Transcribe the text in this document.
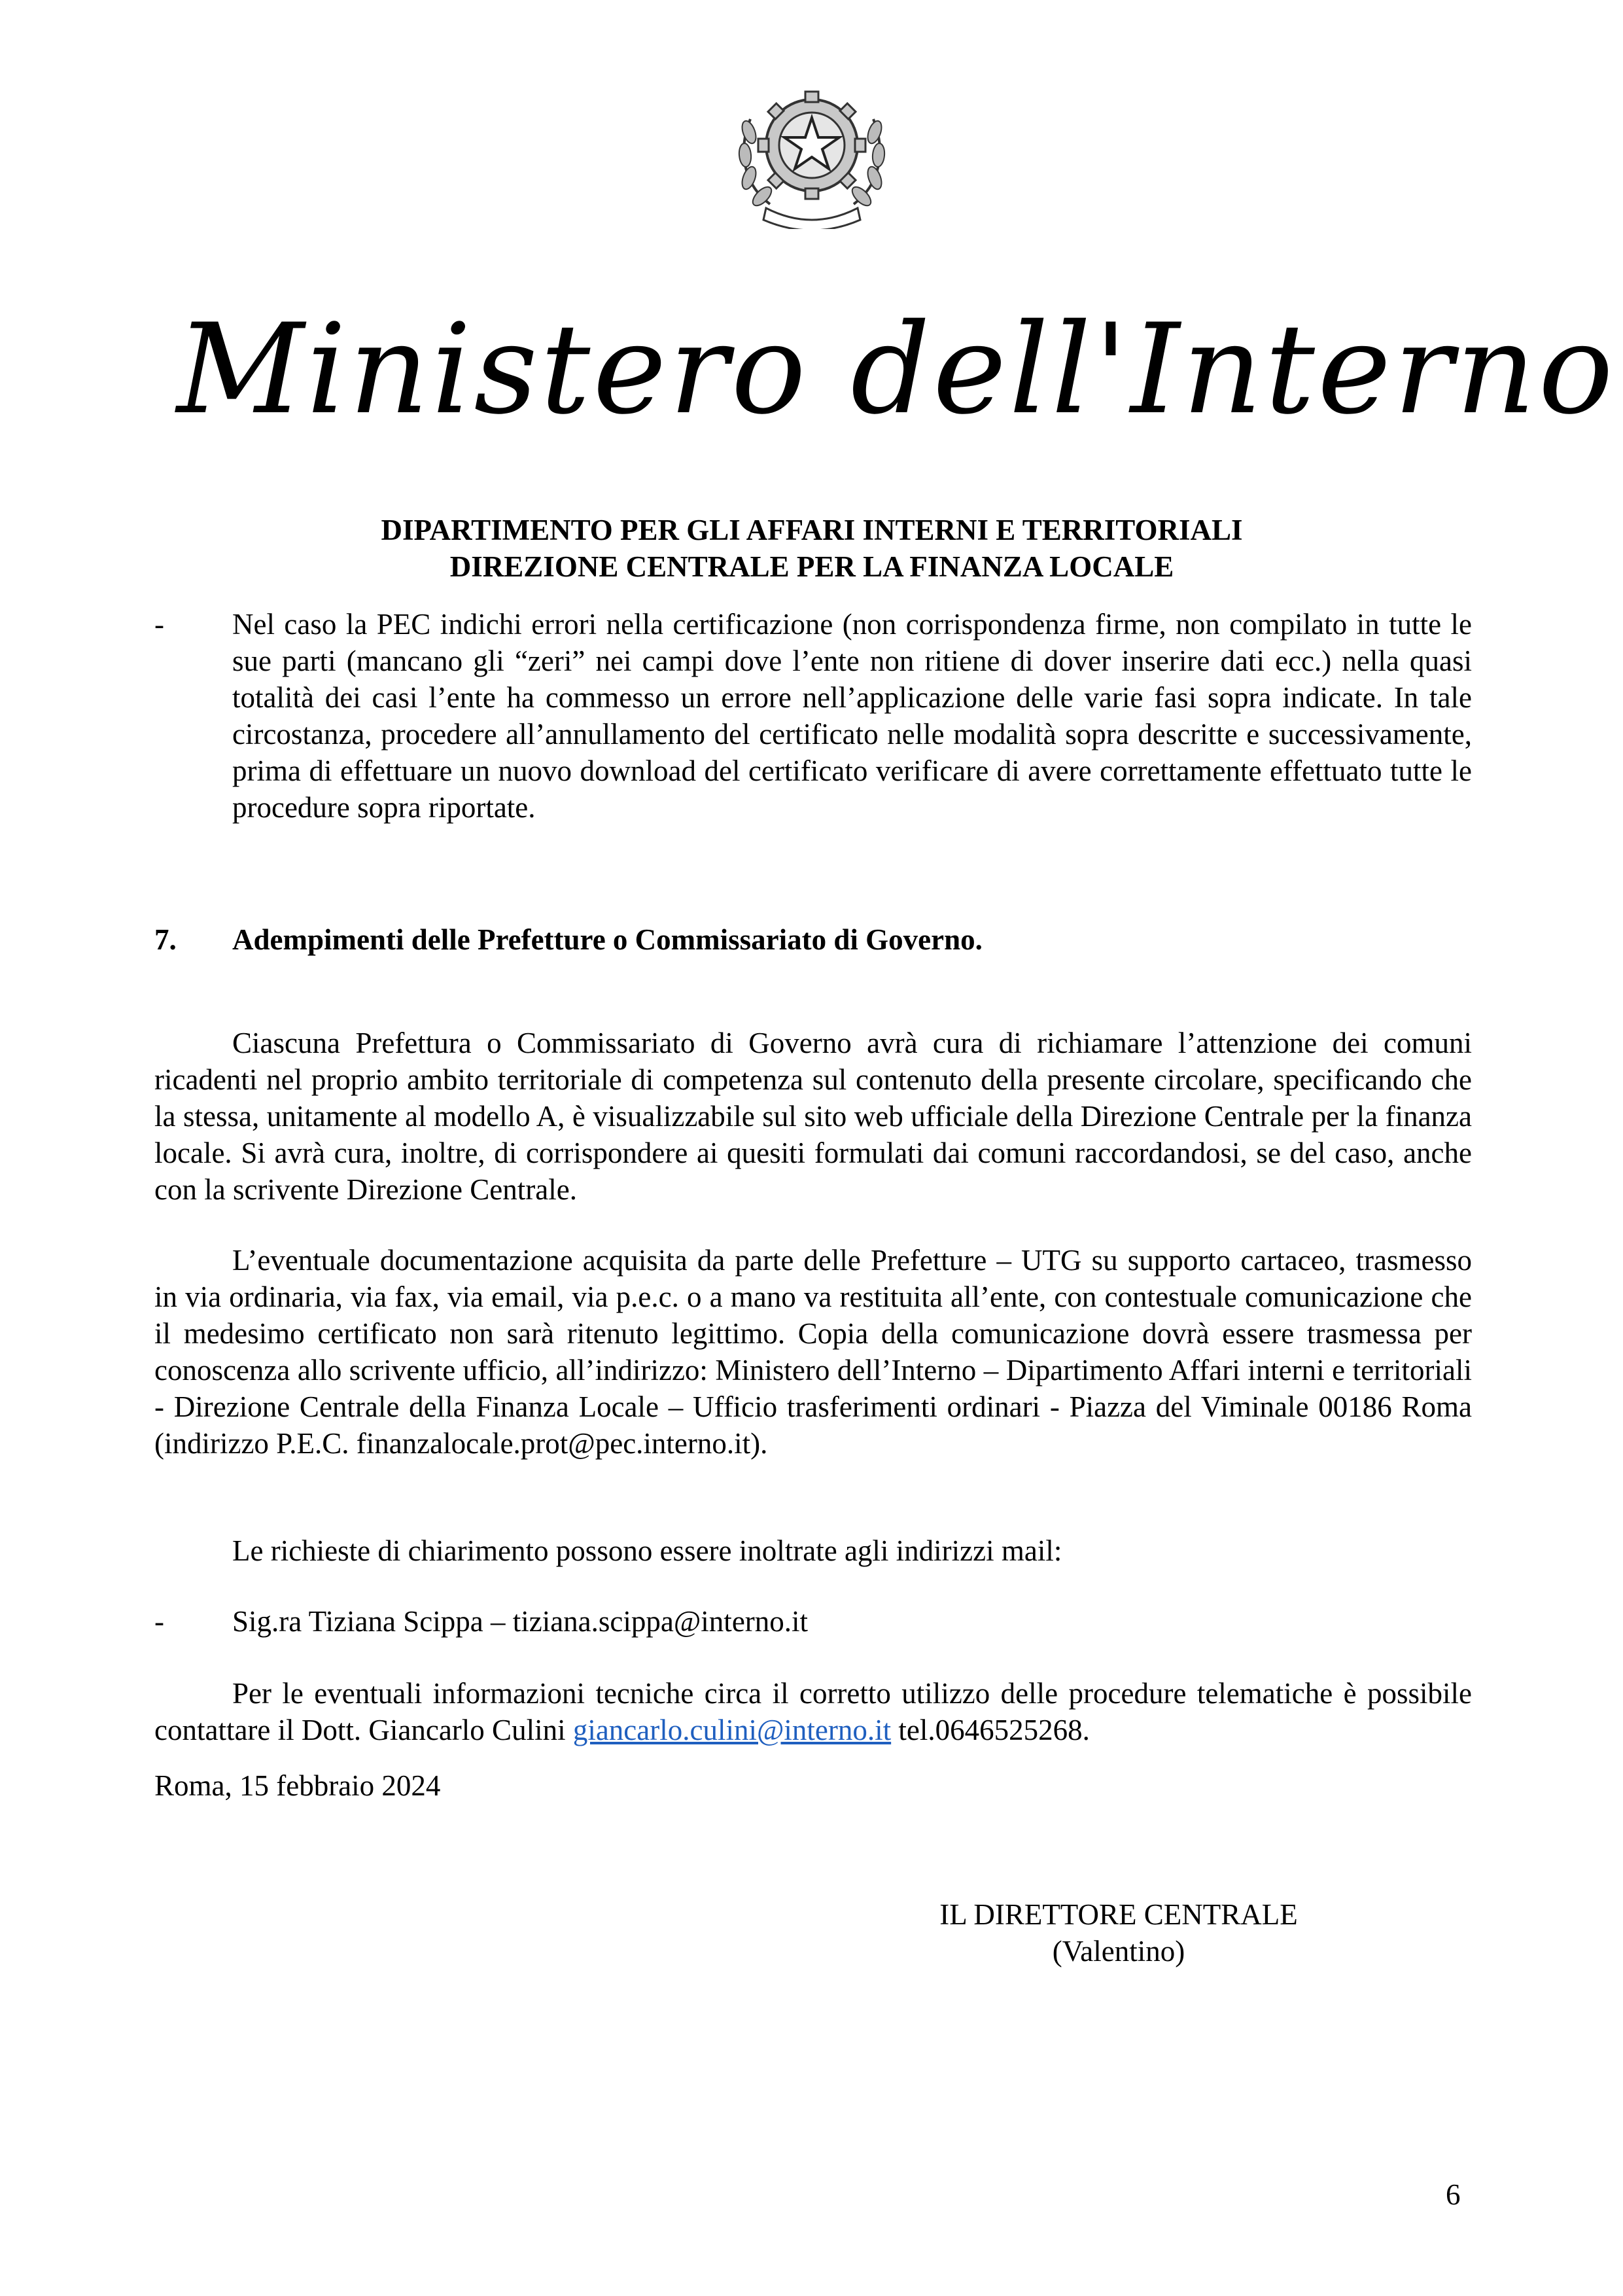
Ministero dell'Interno
DIPARTIMENTO PER GLI AFFARI INTERNI E TERRITORIALI
DIREZIONE CENTRALE PER LA FINANZA LOCALE
- Nel caso la PEC indichi errori nella certificazione (non corrispondenza firme, non compilato in tutte le sue parti (mancano gli “zeri” nei campi dove l’ente non ritiene di dover inserire dati ecc.) nella quasi totalità dei casi l’ente ha commesso un errore nell’applicazione delle varie fasi sopra indicate. In tale circostanza, procedere all’annullamento del certificato nelle modalità sopra descritte e successivamente, prima di effettuare un nuovo download del certificato verificare di avere correttamente effettuato tutte le procedure sopra riportate.
7. Adempimenti delle Prefetture o Commissariato di Governo.

Ciascuna Prefettura o Commissariato di Governo avrà cura di richiamare l’attenzione dei comuni ricadenti nel proprio ambito territoriale di competenza sul contenuto della presente circolare, specificando che la stessa, unitamente al modello A, è visualizzabile sul sito web ufficiale della Direzione Centrale per la finanza locale. Si avrà cura, inoltre, di corrispondere ai quesiti formulati dai comuni raccordandosi, se del caso, anche con la scrivente Direzione Centrale.

L’eventuale documentazione acquisita da parte delle Prefetture – UTG su supporto cartaceo, trasmesso in via ordinaria, via fax, via email, via p.e.c. o a mano va restituita all’ente, con contestuale comunicazione che il medesimo certificato non sarà ritenuto legittimo. Copia della comunicazione dovrà essere trasmessa per conoscenza allo scrivente ufficio, all’indirizzo: Ministero dell’Interno – Dipartimento Affari interni e territoriali - Direzione Centrale della Finanza Locale – Ufficio trasferimenti ordinari - Piazza del Viminale 00186 Roma (indirizzo P.E.C. finanzalocale.prot@pec.interno.it).

Le richieste di chiarimento possono essere inoltrate agli indirizzi mail:

- Sig.ra Tiziana Scippa – tiziana.scippa@interno.it

Per le eventuali informazioni tecniche circa il corretto utilizzo delle procedure telematiche è possibile contattare il Dott. Giancarlo Culini giancarlo.culini@interno.it tel.0646525268.

Roma, 15 febbraio 2024
IL DIRETTORE CENTRALE
(Valentino)
6
